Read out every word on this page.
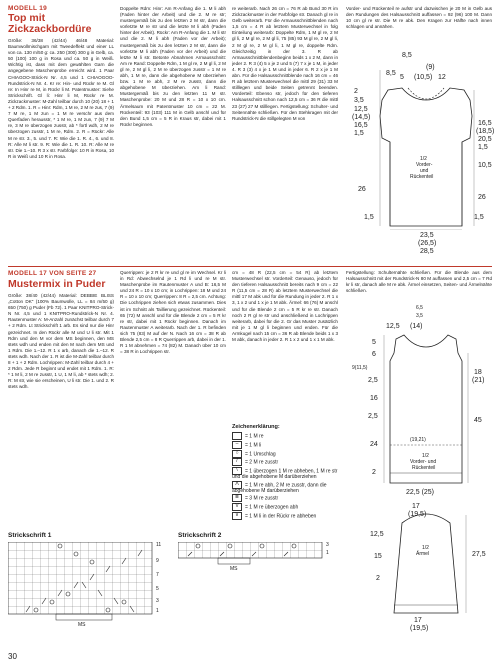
MODELL 19
Top mit
Zickzackbordüre
Größe: 36/38 (42/44) 46/48 Material: Baumwollmischgarn mit Tweedeffekt und einer LL von ca. 130 m/50 g: ca. 250 (300) 300 g in Gelb, ca. 50 (100) 100 g in Rosa und ca. 50 g in Weiß. Wichtig ist, dass mit dem gewählten Garn die angegebene Maschenprobe erreicht wird. 1 Paar CHIAGOO-Strick-N Nr. 4,5 und 1 CHIAOGOO-Rundstrick-N Nr. 4. Kr re: Hin- und Rückr re M. Gl re: In Hinr re M, in Rückr li M. Patentmuster: Siehe Strickschrift. Gl li: Hinr li M, Rückr re M. Zickzackmuster: M-Zahl teilbar durch 10 (20) 18 + 1 + 2 Rdm. 1. R = Hinr: Rdm, 1 M re, 2 M re zus, 7 (9) 7 M re, 1 M zun = 1 M re verschr aus dem Querfaden herausstr, * 1 M re, 1 M zun, 7 (9) 7 M re, 3 M re überzogen zusstr, ab * fortl wdh, 2 M re überzogen zusstr, 1 M re, Rdm. 2. R = Rückr: Alle M re str. 3., 5. und 7. R: Wie die 1. R. 4., 6. und 8. R: Alle M li str. 9. R: Wie die 1. R. 10. R: Alle M re str. Die 1.–10. R 3 x str. Farbfolge: 10 R in Rosa, 10 R in Weiß und 10 R in Rosa.
Doppelte Rdm: Hinr: Am R-Anfang die 1. M li abh (Faden hinter der Arbeit) und die 2. M re str; mustergemäß bis zu den letzten 2 M str, dann die vorletzte M re str und die letzte M li abh (Faden hinter der Arbeit). Rückr: Am R-Anfang die 1. M li str und die 2. M li abh (Faden vor der Arbeit); mustergemäß bis zu den letzten 2 M str, dann die vorletzte M li abh (Faden vor der Arbeit) und die letzte M li str. Betonte Abnahmen Armausschnitt: Am re Rand: Doppelte Rdm, 1 M gl re, 2 M gl li, 2 M gl re, 2 M gl li, 2 M re überzogen zusstr = 1 M re abh, 1 M re, dann die abgehobene M überziehen bzw. 1 M re abh, 2 M re zusstr, dann die abgehobene M überziehen. Am li Rand: Mustergemäß bis zu den letzten 11 M str. Maschenprobe: 20 M und 28 R = 10 x 10 cm. Ärmelsaum mit Patentmuster 10 cm = 22 M. Rückenteil: 93 (103) 111 M in Gelb anschl und für den Bund 1,5 cm = 5 R in Kraus str, dabei mit 1 Rückr beginnen.
re weiterarb. Nach 26 cm = 76 R ab Bund 30 R im Zickzackmuster in der Farbfolge str. Danach gl re in Gelb weiterarb. Für die Armausschnittblenden nach 1,5 cm = 4 R ab letztem Musterwechsel in folg Einteilung weiterarb: Doppelte Rdm, 1 M gl re, 2 M gl li, 2 M gl re, 2 M gl li, 75 (85) 93 M gl re, 2 M gl li, 2 M gl re, 2 M gl li, 1 M gl re, doppelte Rdm. Gleichzeitig in der 3. R ab Armausschnittblendenbeginn beids 1 x 2 M, dann in jeder 2. R 3 (4) 5 x je 2 und 5 (7) 7 x je 1 M, in jeder 4. R 3 (3) 4 x je 1 M und in jeder 6. R 2 x je 1 M abn. Für die Halsausschnittblende nach 16 cm = 46 R ab letztem Musterwechsel die mittl 29 (31) 33 M stilllegen und beide Seiten getrennt beenden. Vorderteil: Ebenso str, jedoch für den tieferen Halsausschnitt schon nach 12,5 cm = 36 R die mittl 23 (27) 27 M stilllegen. Fertigstellung: Schulter- und Seitennähte schließen. Für den Stehkragen mit der Rundstrick-N die stillgelegten M von
Vorder- und Rückenteil re aufstr und dazwischen je 20 M in Gelb aus den Rundungen des Halsausschnitt auffassen = 92 (96) 100 M. Dann 10 cm gl re str. Die M re abk. Den Kragen zur Hälfte nach innen schlagen und annähen.
8,5
8,5
(9)
5 (10,5) 12
2
3,5
12,5
(14,5)
16,5
1,5
16,5
(18,5)
20,5
1,5
10,5
26
1/2
Vorder-
und
Rückenteil
26
1,5	1,5
23,5
(26,5)
28,5
MODELL 17 VON SEITE 27
Mustermix in Puder
Größe: 38/40 (42/44) Material: DEBBIE BLISS „Cotton DK" (100% Baumwolle, LL = 84 m/50 g) 650 (750) g Puder (Fb 72). 1 Paar KNITPRO-Strick-N Nr. 4,5 und 1 KNITPRO-Rundstrick-N Nr. 4. Rautenmuster A: M-Anzahl zunächst teilbar durch 7 + 2 Rdm. Lt Strickschrift 1 arb. Es sind nur die Hinr gezeichnet. In den Rückr alle M und U li str. Mit 1 Rdm und den M vor dem MS beginnen, den MS stets wdh und enden mit den M nach dem MS und 1 Rdm. Die 1.–12. R 1 x arb, danach die 1.–12. R stets wdh. Nach der 1. R ist die M-Zahl teilbar durch 8 + 1 + 2 Rdm. Lochrippen: M-Zahl teilbar durch 4 + 2 Rdm. Jede R beginnt und endet mit 1 Rdm. 1. R: * 1 M li, 2 M re zusstr, 1 U, 1 M li, ab * stets wdh; 2. R: M str, wie sie erscheinen, U li str. Die 1. und 2. R stets wdh.
Querrippen: je 2 R kr re und gl re im Wechsel. Kr li in Rd: Abwechselnd je 1 Rd li und re M str. Maschenprobe im Rautenmuster A und B: 16,5 M und 24 R = 10 x 10 cm; in Lochrippen: 18 M und 24 R = 10 x 10 cm; Querrippen: 8 R = 2,5 cm. Achtung: Die Lochrippen ziehen sich etwas zusammen. Dies ist im Schnitt als Taillierung gezeichnet. Rückenteil: 65 (72) M anschl und für die Blende 2 cm = 5 R kr re str, dabei mit 1 Rückr beginnen. Danach im Rautenmuster A weiterarb. Nach der 1. R befinden sich 75 (83) M auf der N. Nach 16 cm = 38 R ab Blende 2,5 cm = 8 R Querrippen arb, dabei in der 1. R 1 M abnehmen = 74 (82) M. Danach über 10 cm = 38 R in Lochrippen str.
cm = 48 R (22,5 cm = 54 R) ab letztem Musterwechsel str. Vorderteil: Genauso, jedoch für den tieferen Halsausschnitt bereits nach 9 cm = 22 R (11,5 cm = 28 R) ab letztem Musterwechsel die mittl 17 M abk und für die Rundung in jeder 2. R 1 x 3, 1 x 2 und 1 x je 1 M abk. Ärmel: 66 (76) M anschl und für die Blende 2 cm = 5 R kr re str. Danach noch 2 R gl re str und anschließend in Lochrippen weiterarb, dabei für die 2. Gr das Muster zusätzlich mit je 1 M gl li beginnen und enden. Für die Armkugel nach 15 cm = 36 R ab Blende beids 1 x 3 M abk, danach in jeder 2. R 1 x 2 und 1 x 1 M abk.
Fertigstellung: Schulternähte schließen. Für die Blende aus dem Halsausschnitt mit der Rundstrick-N 80 M auffassen und 2,5 cm = 7 Rd kr li str, danach alle M re abk. Ärmel einsetzen, Seiten- und Ärmelnähte schließen.
Zeichenerklärung:
= 1 M re
– = 1 M li
○ = 1 Umschlag
/ = 2 M re zusstr
\ = 1 überzogen 1 M re abheben, 1 M re str und die abgehobene M darüberziehen
Λ = 1 M re abh, 2 M re zusstr, dann die abgehobene M darüberziehen
Ⅲ = 3 M re zusstr
V = 1 M re überzogen abh
∨ = 1 M li in der Rückr re abheben
6,5
3,5
12,5 (14)
5
6
9(11,5)
2,5
16
2,5
24
2
(19,21)
18
(21)
45
1/2
Vorder- und
Rückenteil
22,5 (25)
17
(19,5)
12,5
15
2
1/2
Ärmel	27,5
17
(19,5)
Strickschrift 1
11
9
7
5
3
1
MS
Strickschrift 2
3
1
MS
30
